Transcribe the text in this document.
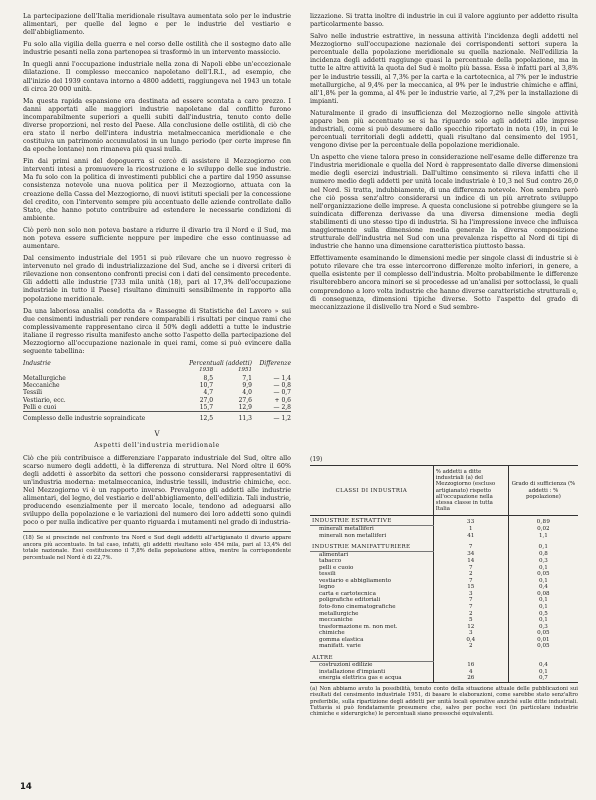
La partecipazione dell'Italia meridionale risultava aumentata solo per le industrie alimentari, per quelle del legno e per le industrie del vestiario e dell'abbigliamento.

Fu solo alla vigilia della guerra e nel corso delle ostilità che il sostegno dato alle industrie pesanti nella zona partenopea si trasformò in un intervento massiccio.

In quegli anni l'occupazione industriale nella zona di Napoli ebbe un'eccezionale dilatazione. Il complesso meccanico napoletano dell'I.R.I., ad esempio, che all'inizio del 1939 contava intorno a 4800 addetti, raggiungeva nel 1943 un totale di circa 20 000 unità.

Ma questa rapida espansione era destinata ad essere scontata a caro prezzo. I danni apportati alle maggiori industrie napoletane dal conflitto furono incomparabilmente superiori a quelli subiti dall'industria, tenuto conto delle diverse proporzioni, nel resto del Paese. Alla conclusione delle ostilità, di ciò che era stato il nerbo dell'intera industria metalmeccanica meridionale e che costituiva un patrimonio accumulatosi in un lungo periodo (per certe imprese fin da epoche lontane) non rimaneva più quasi nulla.

Fin dai primi anni del dopoguerra si cercò di assistere il Mezzogiorno con interventi intesi a promuovere la ricostruzione e lo sviluppo delle sue industrie. Ma fu solo con la politica di investimenti pubblici che a partire dal 1950 assunse consistenza notevole una nuova politica per il Mezzogiorno, attuata con la creazione della Cassa del Mezzogiorno, di nuovi istituti speciali per la concessione del credito, con l'intervento sempre più accentuato delle aziende controllate dallo Stato, che hanno potuto contribuire ad estendere le necessarie condizioni di ambiente.

Ciò però non solo non poteva bastare a ridurre il divario tra il Nord e il Sud, ma non poteva essere sufficiente neppure per impedire che esso continuasse ad aumentare.

Dal censimento industriale del 1951 si può rilevare che un nuovo regresso è intervenuto nel grado di industrializzazione del Sud, anche se i diversi criteri di rilevazione non consentono confronti precisi con i dati del censimento precedente. Gli addetti alle industrie [733 mila unità (18), pari al 17,3% dell'occupazione industriale in tutto il Paese] risultano diminuiti sensibilmente in rapporto alla popolazione meridionale.

Da una laboriosa analisi condotta da « Rassegne di Statistiche del Lavoro » sui due censimenti industriali per rendere comparabili i risultati per cinque rami che complessivamente rappresentano circa il 50% degli addetti a tutte le industrie italiane il regresso risulta manifesto anche sotto l'aspetto della partecipazione del Mezzogiorno all'occupazione nazionale in quei rami, come si può evincere dalla seguente tabellina:

Industrie	Percentuali (addetti)		Differenze
	1938	1951	
Metallurgiche	8,5	7,1	— 1,4
Meccaniche	10,7	9,9	— 0,8
Tessili	4,7	4,0	— 0,7
Vestiario, ecc.	27,0	27,6	+ 0,6
Pelli e cuoi	15,7	12,9	— 2,8
Complesso delle industrie sopraindicate	12,5	11,3	— 1,2
V
Aspetti dell'industria meridionale

Ciò che più contribuisce a differenziare l'apparato industriale del Sud, oltre allo scarso numero degli addetti, è la differenza di struttura. Nel Nord oltre il 60% degli addetti è assorbito da settori che possono considerarsi rappresentativi di un'industria moderna: metalmeccanica, industrie tessili, industrie chimiche, ecc. Nel Mezzogiorno vi è un rapporto inverso. Prevalgono gli addetti alle industrie alimentari, del legno, del vestiario e dell'abbigliamento, dell'edilizia. Tali industrie, producendo esenzialmente per il mercato locale, tendono ad adeguarsi allo sviluppo della popolazione e le variazioni del numero dei loro addetti sono quindi poco o per nulla indicative per quanto riguarda i mutamenti nel grado di industria-

(18) Se si prescinde nel confronto tra Nord e Sud degli addetti all'artigianato il divario appare ancora più accentuato. In tal caso, infatti, gli addetti risultano solo 454 mila, pari al 13,4% del totale nazionale. Essi costituiscono il 7,8% della popolazione attiva, mentre la corrispondente percentuale nel Nord è di 22,7%.

lizzazione. Si tratta inoltre di industrie in cui il valore aggiunto per addetto risulta particolarmente basso.

Salvo nelle industrie estrattive, in nessuna attività l'incidenza degli addetti nel Mezzogiorno sull'occupazione nazionale dei corrispondenti settori supera la percentuale della popolazione meridionale su quella nazionale. Nell'edilizia la incidenza degli addetti raggiunge quasi la percentuale della popolazione, ma in tutte le altre attività la quota del Sud è molto più bassa. Essa è infatti pari al 3,8% per le industrie tessili, al 7,3% per la carta e la cartotecnica, al 7% per le industrie metallurgiche, al 9,4% per la meccanica, al 9% per le industrie chimiche e affini, all'1,8% per la gomma, al 4% per le industrie varie, al 7,2% per la installazione di impianti.

Naturalmente il grado di insufficienza del Mezzogiorno nelle singole attività appare ben più accentuato se si ha riguardo solo agli addetti alle imprese industriali, come si può desumere dallo specchio riportato in nota (19), in cui le percentuali territoriali degli addetti, quali risultano dal censimento del 1951, vengono divise per la percentuale della popolazione meridionale.

Un aspetto che viene talora preso in considerazione nell'esame delle differenze tra l'industria meridionale e quella del Nord è rappresentato dalle diverse dimensioni medie degli esercizi industriali. Dall'ultimo censimento si rileva infatti che il numero medio degli addetti per unità locale industriale è 10,3 nel Sud contro 26,0 nel Nord. Si tratta, indubbiamente, di una differenza notevole. Non sembra però che ciò possa senz'altro considerarsi un indice di un più arretrato sviluppo nell'organizzazione delle imprese. A questa conclusione si potrebbe giungere se la suindicata differenza derivasse da una diversa dimensione media degli stabilimenti di uno stesso tipo di industria. Si ha l'impressione invece che influisca maggiormente sulla dimensione media generale la diversa composizione strutturale dell'industria nel Sud con una prevalenza rispetto al Nord di tipi di industrie che hanno una dimensione caratteristica piuttosto bassa.

Effettivamente esaminando le dimensioni medie per singole classi di industrie si è potuto rilevare che tra esse intercorrono differenze molto inferiori, in genere, a quella esistente per il complesso dell'industria. Molto probabilmente le differenze risulterebbero ancora minori se si procedesse ad un'analisi per sottoclassi, le quali comprendono a loro volta industrie che hanno diverse caratteristiche strutturali e, di conseguenza, dimensioni tipiche diverse. Sotto l'aspetto del grado di meccanizzazione il dislivello tra Nord e Sud sembre-

(19)
CLASSI DI INDUSTRIA	% addetti a ditte industriali (a) del Mezzogiorno (escluso artigianato) rispetto all'occupazione nella stessa classe in tutta Italia	Grado di sufficienza (% addetti : % popolazione)
INDUSTRIE ESTRATTIVE	33	0,89
minerali metalliferi	1	0,02
minerali non metalliferi	41	1,1

INDUSTRIE MANIFATTURIERE	7	0,1
alimentari	34	0,8
tabacco	14	0,3
pelli e cuoio	7	0,1
tessili	2	0,05
vestiario e abbigliamento	7	0,1
legno	15	0,4
carta e cartotecnica	3	0,08
poligrafiche editoriali	7	0,1
foto-fono cinematografiche	7	0,1
metallurgiche	2	0,5
meccaniche	5	0,1
trasformazione m. non met.	12	0,3
chimiche	3	0,05
gomma elastica	0,4	0,01
manifatt. varie	2	0,05

ALTRE		
costruzioni edilizie	16	0,4
installazione d'impianti	4	0,1
energia elettrica gas e acqua	26	0,7
(a) Non abbiamo avuto la possibilità, tenuto conto della situazione attuale delle pubblicazioni sui risultati del censimento industriale 1951, di basare le elaborazioni, come sarebbe stato senz'altro preferibile, sulla ripartizione degli addetti per unità locali operative anziché sulle ditte industriali. Tuttavia si può fondatamente presumere che, salvo per poche voci (in particolare industrie chimiche e siderurgiche) le percentuali siano pressoché equivalenti.
14
